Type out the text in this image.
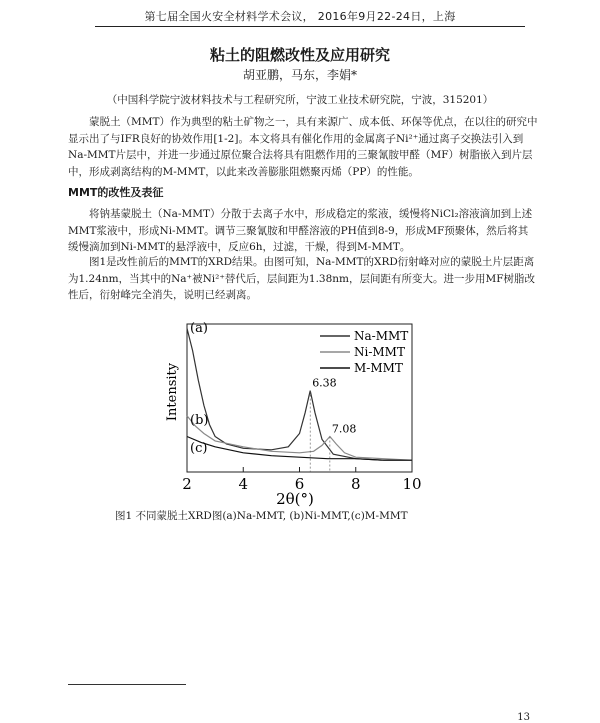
第七届全国火安全材料学术会议， 2016年9月22-24日，上海
粘土的阻燃改性及应用研究
胡亚鹏，马东，李娟*
（中国科学院宁波材料技术与工程研究所，宁波工业技术研究院，宁波，315201）
蒙脱土（MMT）作为典型的粘土矿物之一，具有来源广、成本低、环保等优点，在以往的研究中显示出了与IFR良好的协效作用[1-2]。本文将具有催化作用的金属离子Ni²⁺通过离子交换法引入到Na-MMT片层中，并进一步通过原位聚合法将具有阻燃作用的三聚氰胺甲醛（MF）树脂嵌入到片层中，形成剥离结构的M-MMT，以此来改善膨胀阻燃聚丙烯（PP）的性能。
MMT的改性及表征
将钠基蒙脱土（Na-MMT）分散于去离子水中，形成稳定的浆液，缓慢将NiCl₂溶液滴加到上述MMT浆液中，形成Ni-MMT。调节三聚氰胺和甲醛溶液的PH值到8-9，形成MF预聚体，然后将其缓慢滴加到Ni-MMT的悬浮液中，反应6h，过滤，干燥，得到M-MMT。
图1是改性前后的MMT的XRD结果。由图可知，Na-MMT的XRD衍射峰对应的蒙脱土片层距离为1.24nm，当其中的Na⁺被Ni²⁺替代后，层间距为1.38nm，层间距有所变大。进一步用MF树脂改性后，衍射峰完全消失，说明已经剥离。
(a)
(b)
(c)
6.38
7.08
2	4	6	8	10
Na-MMT
Ni-MMT
M-MMT
Intensity
2θ(°)
图1 不同蒙脱土XRD图(a)Na-MMT, (b)Ni-MMT,(c)M-MMT
13
